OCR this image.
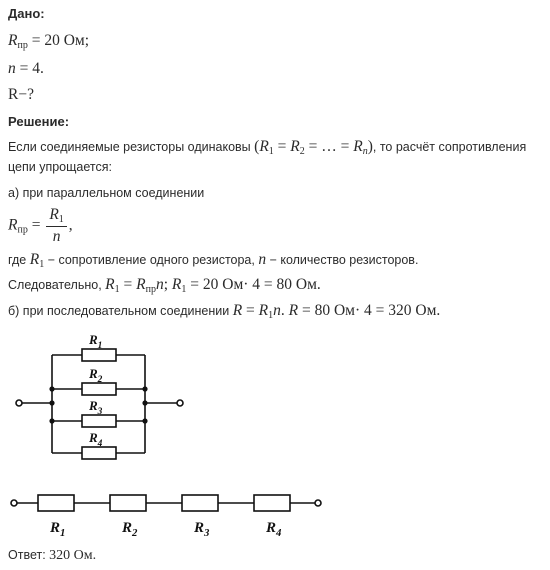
Дано:
$R_{пр} = 20$ Ом;
n = 4.
R−?
Решение:
Если соединяемые резисторы одинаковы ($R_1 = R_2$ = … = Rn), то расчёт сопротивления
цепи упрощается:
а) при параллельном соединении
$R_{пр} = \frac{R_1}{n}$ ,
где $R_1$ − сопротивление одного резистора, n − количество резисторов.
Следовательно, $R_1 = R_{пр}n$; $R_1 = 20$ Ом· 4 = 80 Ом.
б) при последовательном соединении $R = R_1n$. R = 80 Ом· 4 = 320 Ом.
$R_1$
$R_2$
$R_3$
$R_4$
$R_1$	$R_2$	$R_3$	$R_4$
Ответ: 320 Ом.
